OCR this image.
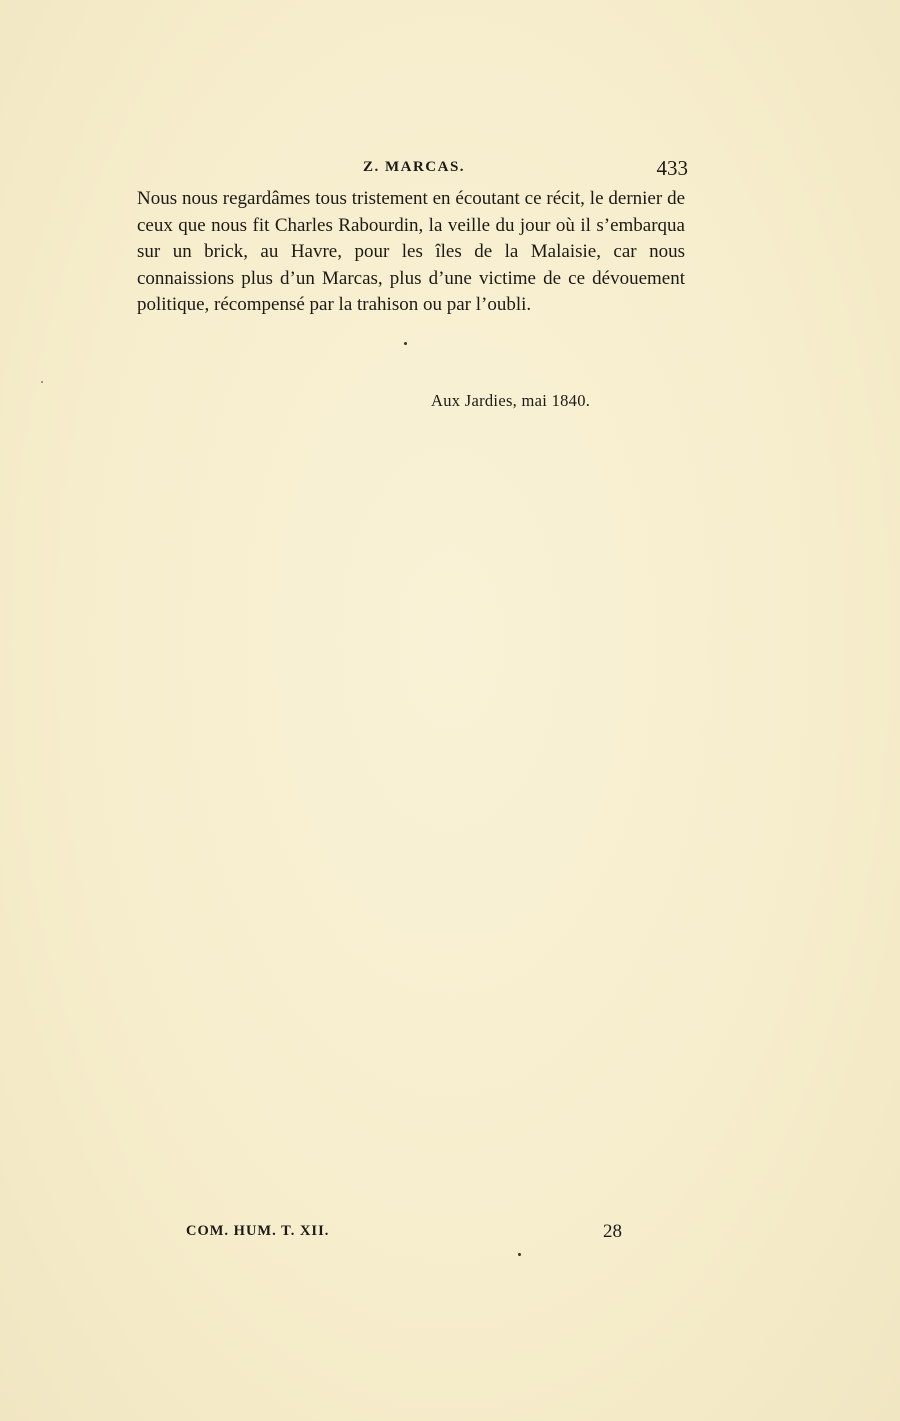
Z. MARCAS.	433

Nous nous regardâmes tous tristement en écoutant ce récit, le dernier de ceux que nous fit Charles Rabourdin, la veille du jour où il s’embarqua sur un brick, au Havre, pour les îles de la Malaisie, car nous connaissions plus d’un Marcas, plus d’une victime de ce dévouement politique, récompensé par la trahison ou par l’oubli.

Aux Jardies, mai 1840.
COM. HUM. T. XII.	28
